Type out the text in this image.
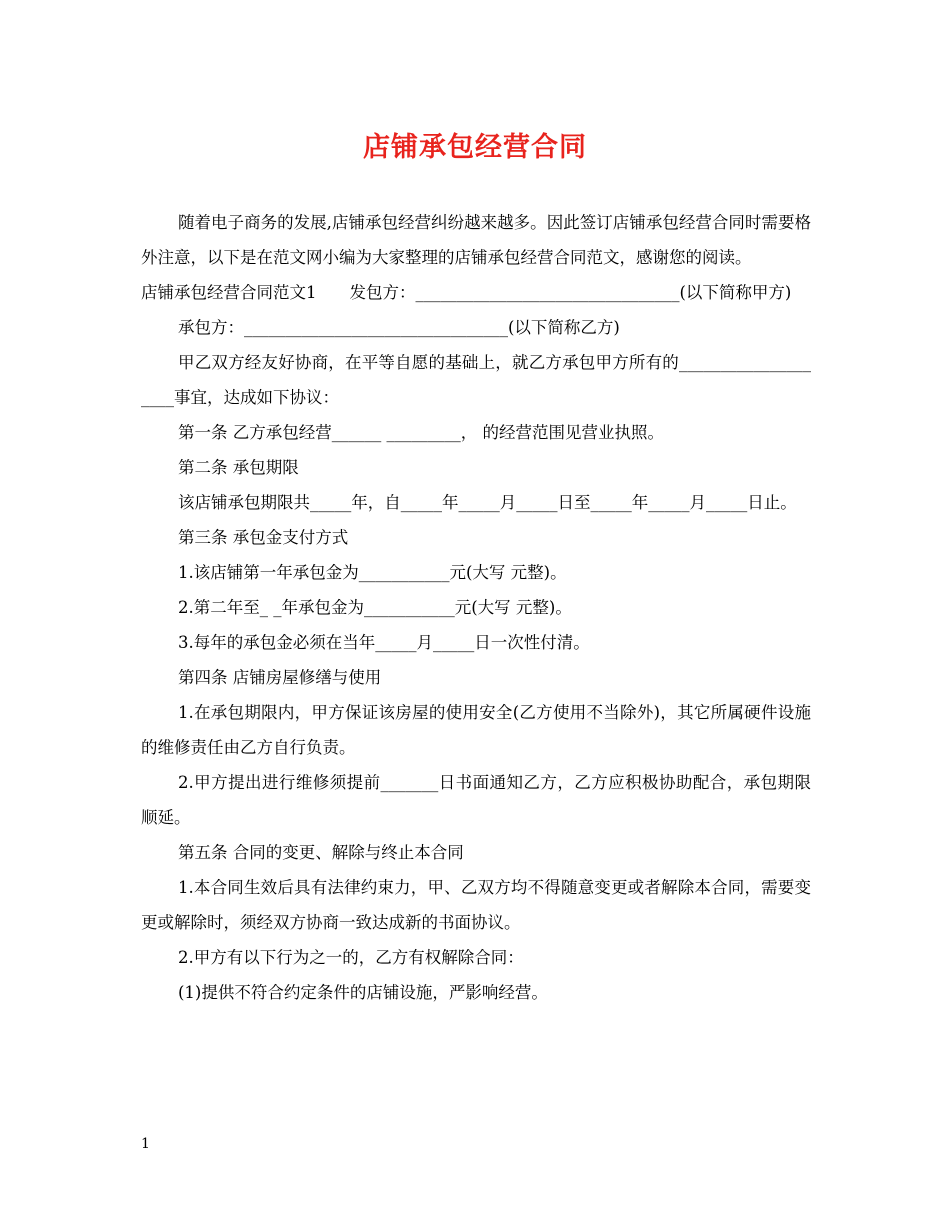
店铺承包经营合同

随着电子商务的发展,店铺承包经营纠纷越来越多。因此签订店铺承包经营合同时需要格外注意，以下是在范文网小编为大家整理的店铺承包经营合同范文，感谢您的阅读。

店铺承包经营合同范文1　　发包方：________________________________(以下简称甲方)

承包方：________________________________(以下简称乙方)

甲乙双方经友好协商，在平等自愿的基础上，就乙方承包甲方所有的____________________事宜，达成如下协议：

第一条 乙方承包经营______ _________， 的经营范围见营业执照。

第二条 承包期限

该店铺承包期限共_____年，自_____年_____月_____日至_____年_____月_____日止。

第三条 承包金支付方式

1.该店铺第一年承包金为___________元(大写 元整)。

2.第二年至_ _年承包金为___________元(大写 元整)。

3.每年的承包金必须在当年_____月_____日一次性付清。

第四条 店铺房屋修缮与使用

1.在承包期限内，甲方保证该房屋的使用安全(乙方使用不当除外)，其它所属硬件设施的维修责任由乙方自行负责。

2.甲方提出进行维修须提前_______日书面通知乙方，乙方应积极协助配合，承包期限顺延。

第五条 合同的变更、解除与终止本合同

1.本合同生效后具有法律约束力，甲、乙双方均不得随意变更或者解除本合同，需要变更或解除时，须经双方协商一致达成新的书面协议。

2.甲方有以下行为之一的，乙方有权解除合同：

(1)提供不符合约定条件的店铺设施，严影响经营。

1
